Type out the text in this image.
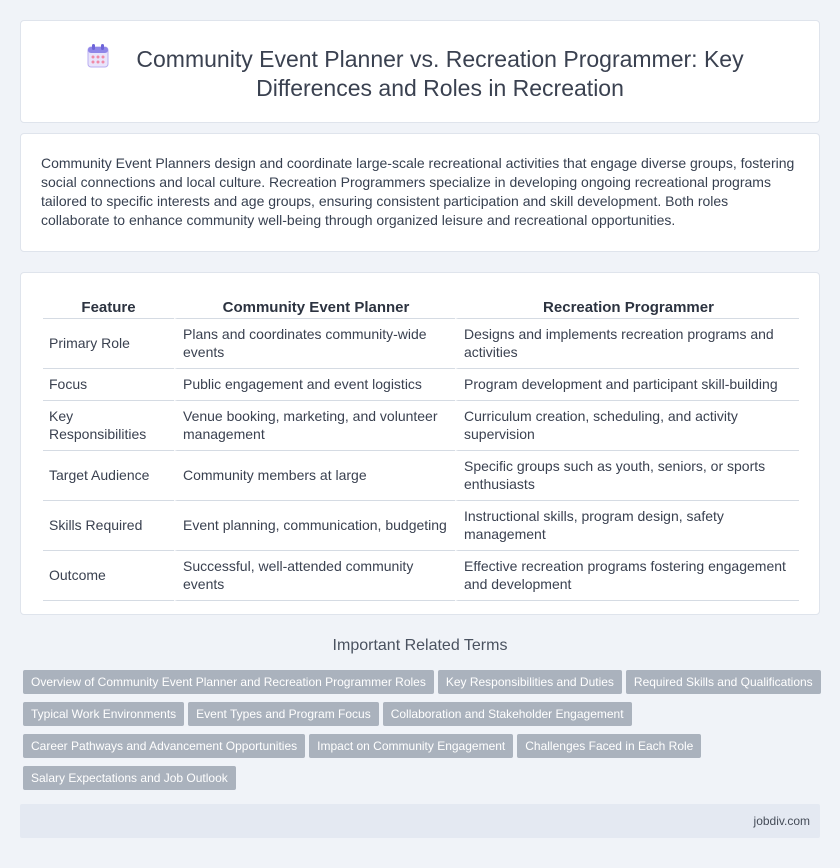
Community Event Planner vs. Recreation Programmer: Key Differences and Roles in Recreation

Community Event Planners design and coordinate large-scale recreational activities that engage diverse groups, fostering social connections and local culture. Recreation Programmers specialize in developing ongoing recreational programs tailored to specific interests and age groups, ensuring consistent participation and skill development. Both roles collaborate to enhance community well-being through organized leisure and recreational opportunities.

Feature	Community Event Planner	Recreation Programmer
Primary Role	Plans and coordinates community-wide events	Designs and implements recreation programs and activities
Focus	Public engagement and event logistics	Program development and participant skill-building
Key Responsibilities	Venue booking, marketing, and volunteer management	Curriculum creation, scheduling, and activity supervision
Target Audience	Community members at large	Specific groups such as youth, seniors, or sports enthusiasts
Skills Required	Event planning, communication, budgeting	Instructional skills, program design, safety management
Outcome	Successful, well-attended community events	Effective recreation programs fostering engagement and development
Important Related Terms
Overview of Community Event Planner and Recreation Programmer Roles Key Responsibilities and Duties Required Skills and Qualifications
Typical Work Environments Event Types and Program Focus Collaboration and Stakeholder Engagement
Career Pathways and Advancement Opportunities Impact on Community Engagement Challenges Faced in Each Role
Salary Expectations and Job Outlook
jobdiv.com
